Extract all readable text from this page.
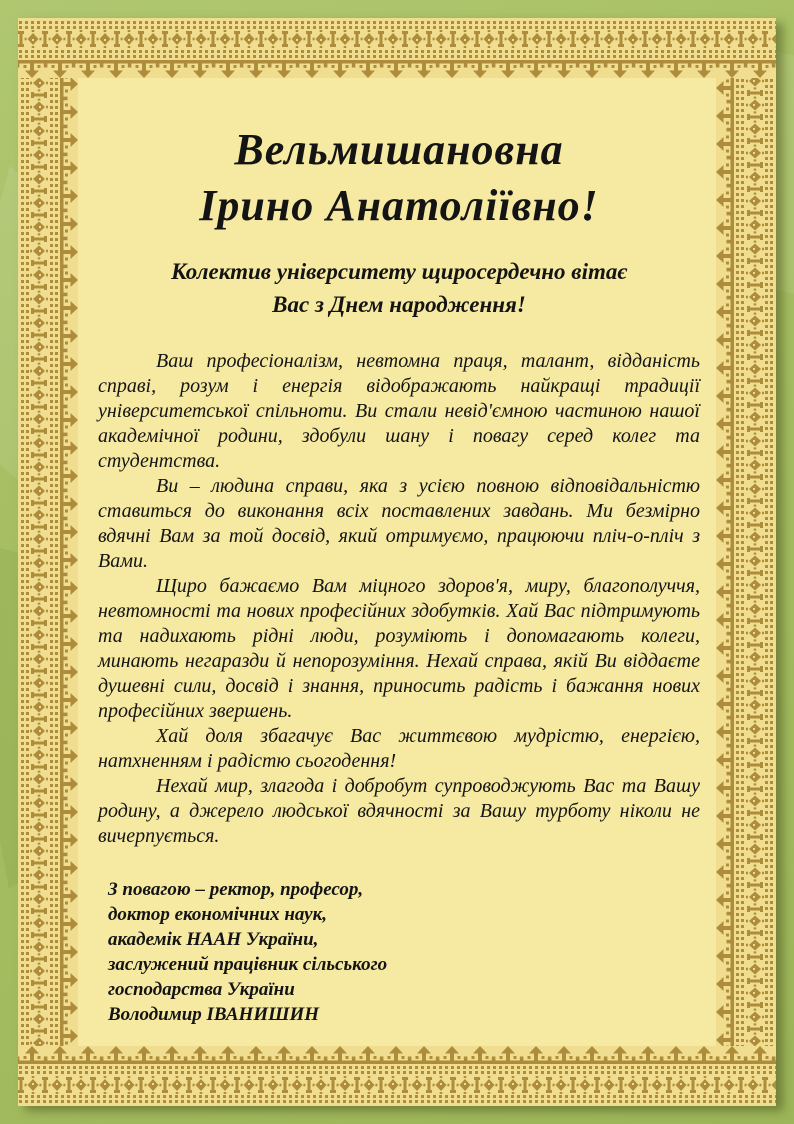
Вельмишановна
Ірино Анатоліївно!
Колектив університету щиросердечно вітає
Вас з Днем народження!

Ваш професіоналізм, невтомна праця, талант, відданість справі, розум і енергія відображають найкращі традиції університетської спільноти. Ви стали невід'ємною частиною нашої академічної родини, здобули шану і повагу серед колег та студентства.

Ви – людина справи, яка з усією повною відповідальністю ставиться до виконання всіх поставлених завдань. Ми безмірно вдячні Вам за той досвід, який отримуємо, працюючи пліч-о-пліч з Вами.

Щиро бажаємо Вам міцного здоров'я, миру, благополуччя, невтомності та нових професійних здобутків. Хай Вас підтримують та надихають рідні люди, розуміють і допомагають колеги, минають негаразди й непорозуміння. Нехай справа, якій Ви віддаєте душевні сили, досвід і знання, приносить радість і бажання нових професійних звершень.

Хай доля збагачує Вас життєвою мудрістю, енергією, натхненням і радістю сьогодення!

Нехай мир, злагода і добробут супроводжують Вас та Вашу родину, а джерело людської вдячності за Вашу турботу ніколи не вичерпується.

З повагою – ректор, професор,
доктор економічних наук,
академік НААН України,
заслужений працівник сільського
господарства України
Володимир ІВАНИШИН
